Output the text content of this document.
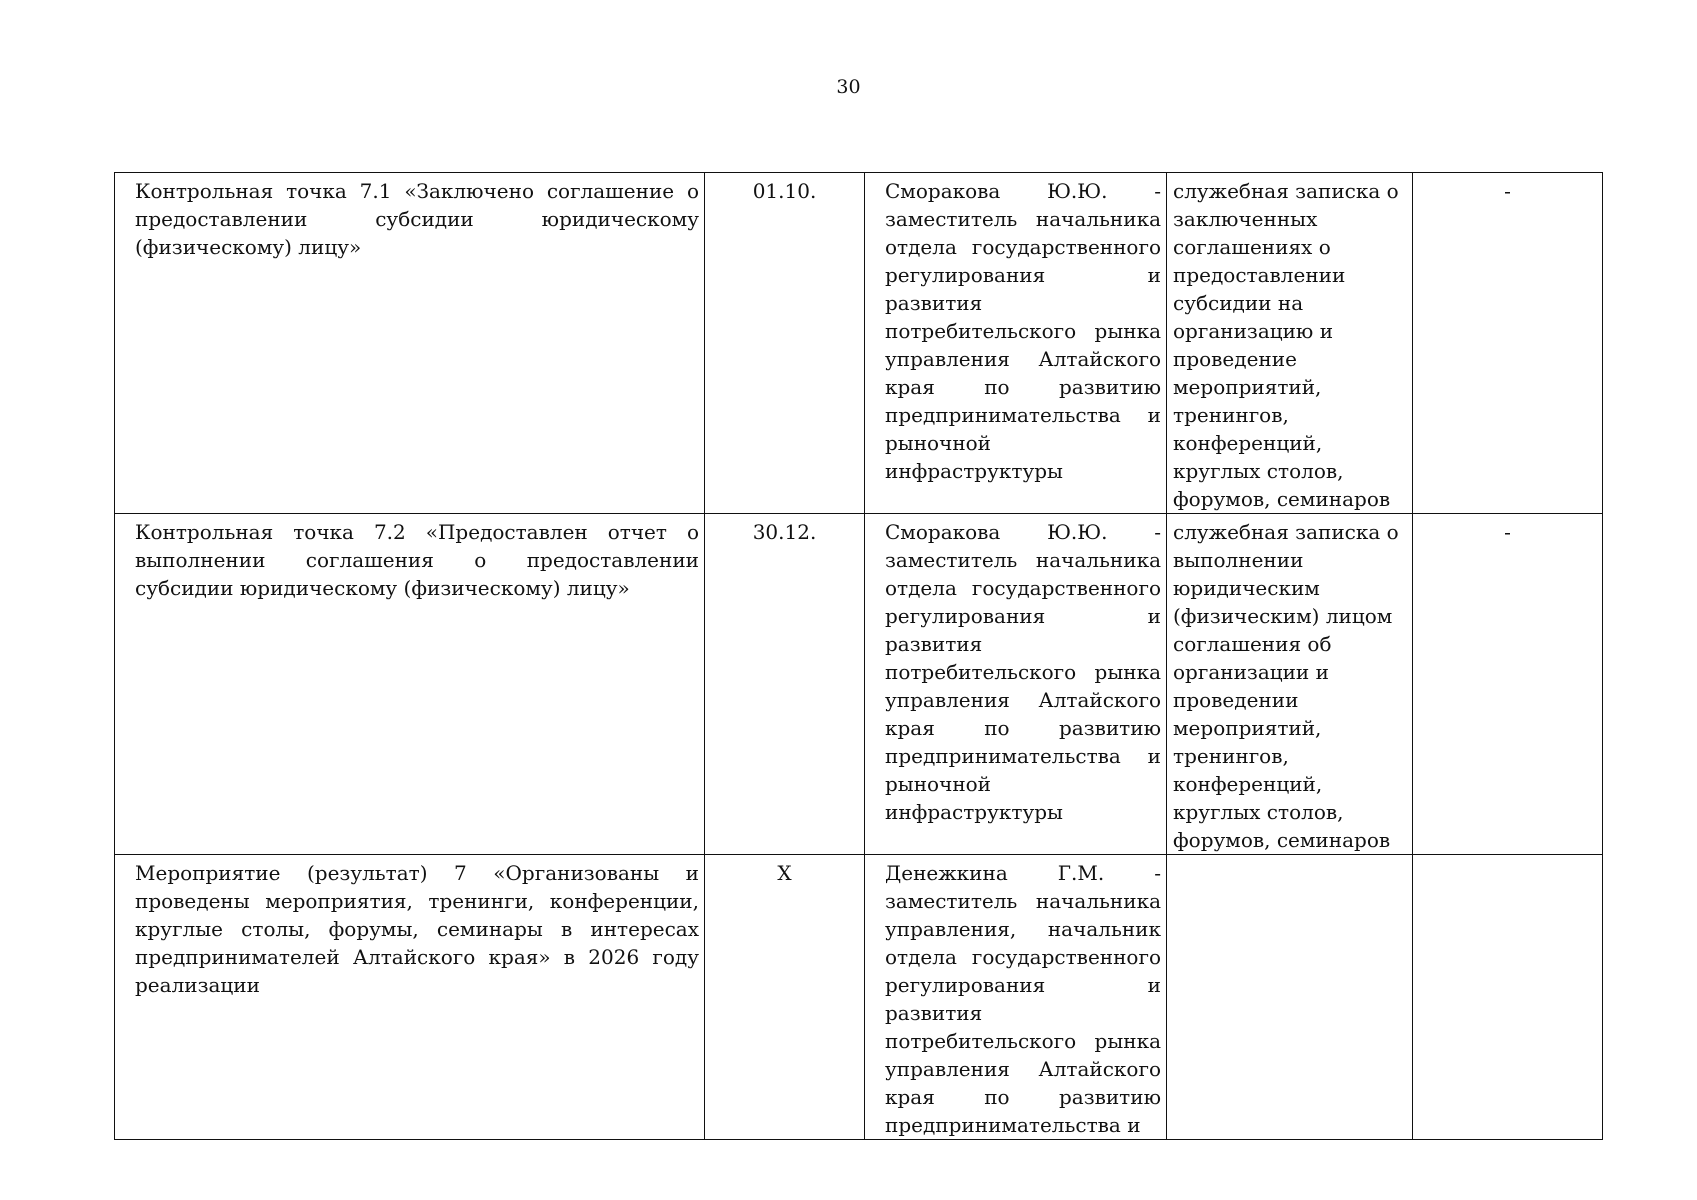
30
Контрольная точка 7.1 «Заключено соглашение о предоставлении субсидии юридическому (физическому) лицу»	01.10.	Сморакова Ю.Ю. - заместитель начальника отдела государственного регулирования и развития потребительского рынка управления Алтайского края по развитию предпринимательства и рыночной инфраструктуры	служебная записка о заключенных соглашениях о предоставлении субсидии на организацию и проведение мероприятий, тренингов, конференций, круглых столов, форумов, семинаров	-
Контрольная точка 7.2 «Предоставлен отчет о выполнении соглашения о предоставлении субсидии юридическому (физическому) лицу»	30.12.	Сморакова Ю.Ю. - заместитель начальника отдела государственного регулирования и развития потребительского рынка управления Алтайского края по развитию предпринимательства и рыночной инфраструктуры	служебная записка о выполнении юридическим (физическим) лицом соглашения об организации и проведении мероприятий, тренингов, конференций, круглых столов, форумов, семинаров	-
Мероприятие (результат) 7 «Организованы и проведены мероприятия, тренинги, конференции, круглые столы, форумы, семинары в интересах предпринимателей Алтайского края» в 2026 году реализации	Х	Денежкина Г.М. - заместитель начальника управления, начальник отдела государственного регулирования и развития потребительского рынка управления Алтайского края по развитию предпринимательства и		
